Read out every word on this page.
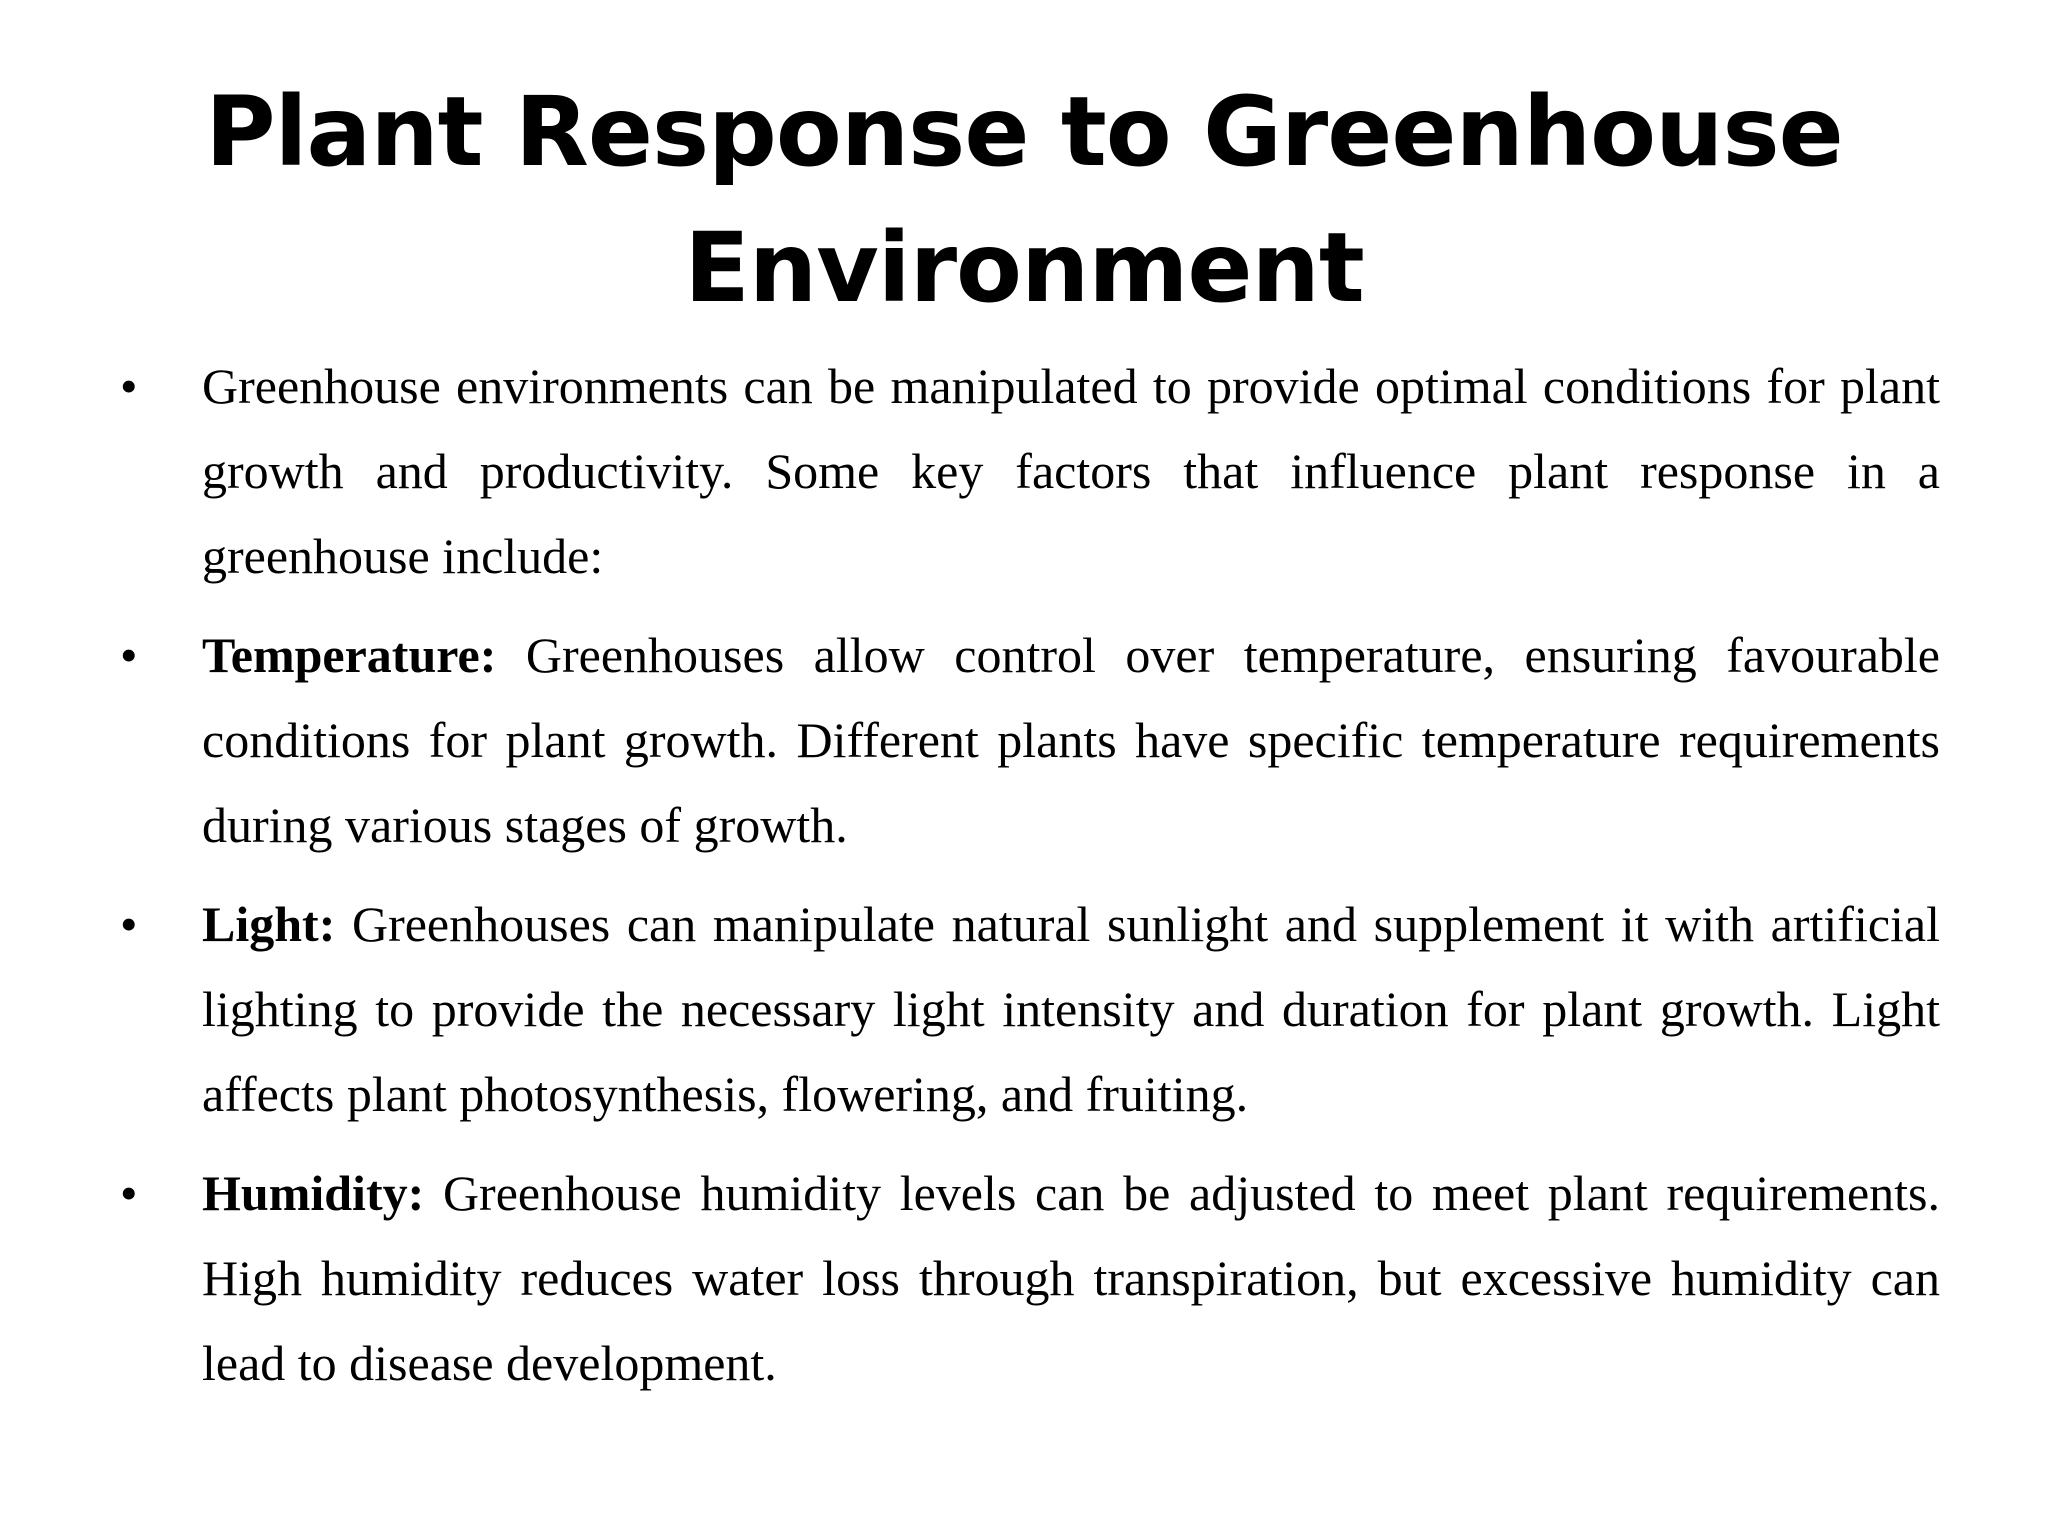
Plant Response to Greenhouse
Environment
•	Greenhouse environments can be manipulated to provide optimal conditions for plant growth and productivity. Some key factors that influence plant response in a greenhouse include:
•	Temperature: Greenhouses allow control over temperature, ensuring favourable conditions for plant growth. Different plants have specific temperature requirements during various stages of growth.
•	Light: Greenhouses can manipulate natural sunlight and supplement it with artificial lighting to provide the necessary light intensity and duration for plant growth. Light affects plant photosynthesis, flowering, and fruiting.
•	Humidity: Greenhouse humidity levels can be adjusted to meet plant requirements. High humidity reduces water loss through transpiration, but excessive humidity can lead to disease development.
